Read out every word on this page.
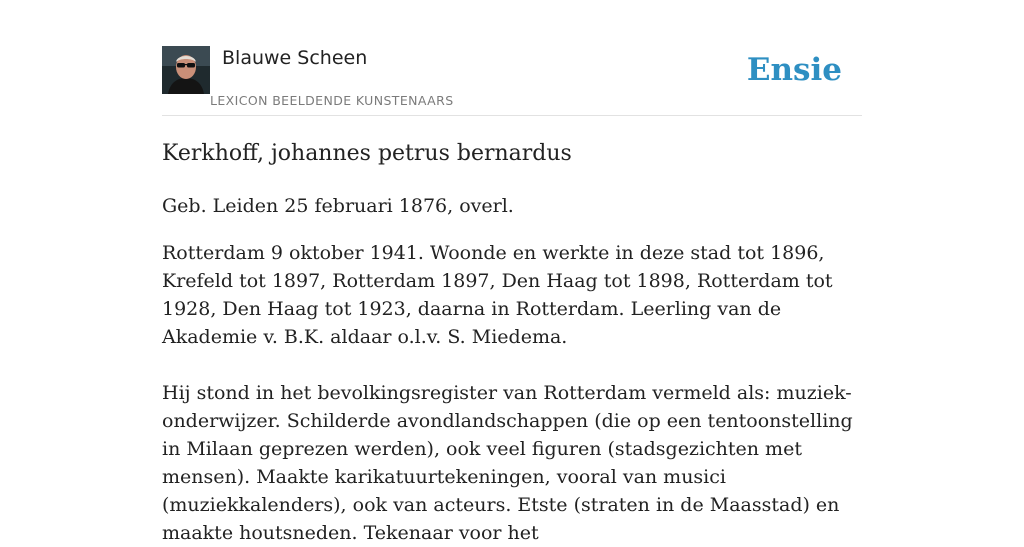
Blauwe Scheen
LEXICON BEELDENDE KUNSTENAARS
Ensie
Kerkhoff, johannes petrus bernardus

Geb. Leiden 25 februari 1876, overl.

Rotterdam 9 oktober 1941. Woonde en werkte in deze stad tot 1896, Krefeld tot 1897, Rotterdam 1897, Den Haag tot 1898, Rotterdam tot 1928, Den Haag tot 1923, daarna in Rotterdam. Leerling van de Akademie v. B.K. aldaar o.l.v. S. Miedema.

Hij stond in het bevolkingsregister van Rotterdam vermeld als: muziek-onderwijzer. Schilderde avondlandschappen (die op een tentoonstelling in Milaan geprezen werden), ook veel figuren (stadsgezichten met mensen). Maakte karikatuurtekeningen, vooral van musici (muziekkalenders), ook van acteurs. Etste (straten in de Maasstad) en maakte houtsneden. Tekenaar voor het
